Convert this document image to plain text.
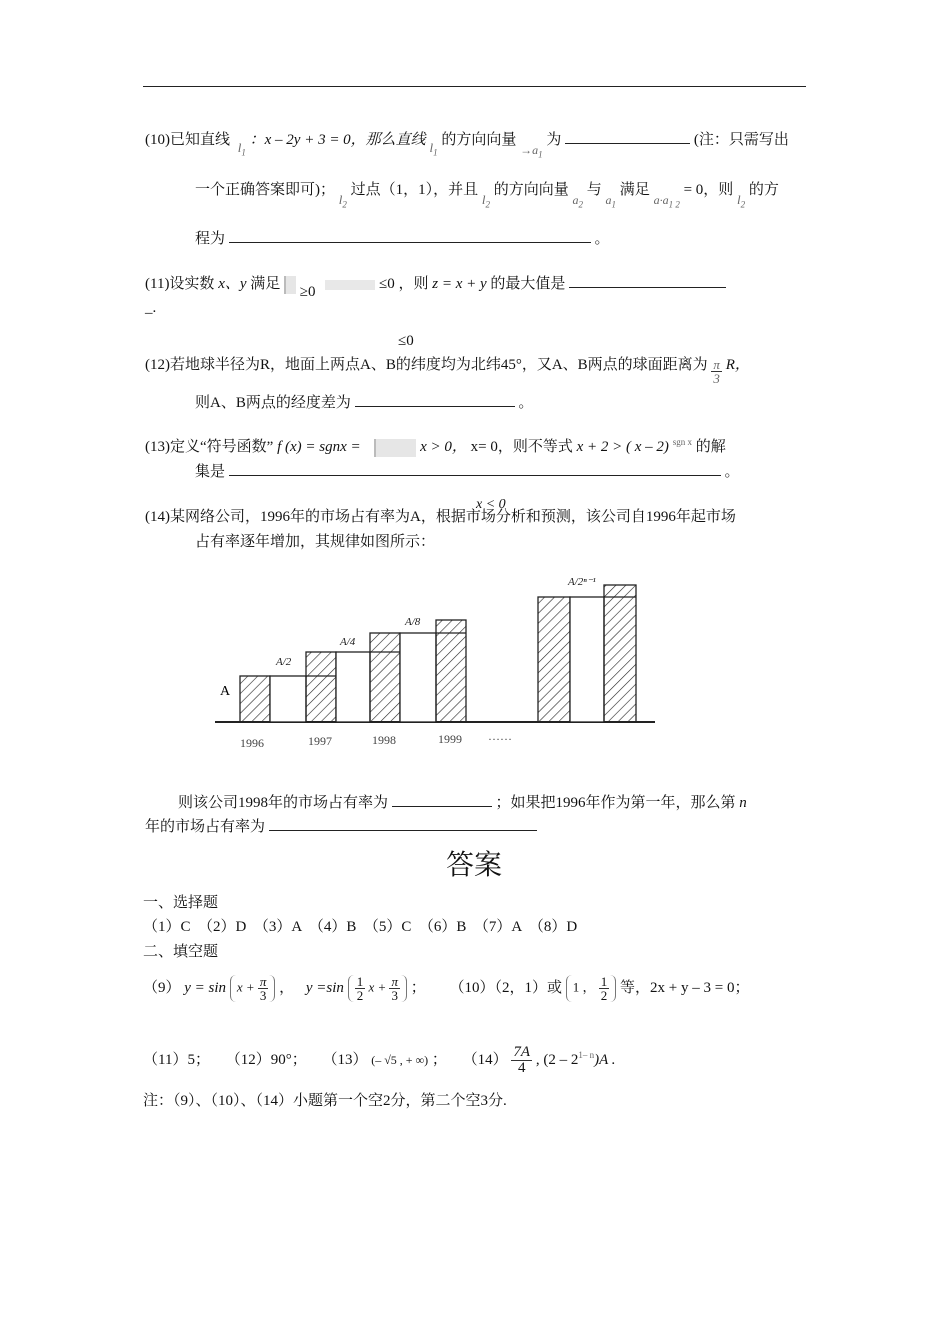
(10)已知直线 $l_1$ ：x – 2y + 3 = 0，那么直线 $l_1$ 的方向向量 $_{\to a_1}$ 为	(注：只需写出
一个正确答案即可)； $l_2$ 过点（1，1），并且 $l_2$ 的方向向量 $_{a_2}$ 与 $_{a_1}$ 满足 $_{a\cdot a_{1 2}}$ = 0，则 $l_2$ 的方
程为	。
(11)设实数 x、y 满足 ≥0	≤0 ，则 z = x + y 的最大值是
_.
≤0
(12)若地球半径为R，地面上两点A、B的纬度均为北纬45°，又A、B两点的球面距离为 $\frac{\pi}{3}$ R，
则A、B两点的经度差为	。
(13)定义“符号函数” f (x) = sgnx =	x > 0， x= 0，则不等式 x + 2 > ( x – 2) $^{sgn x}$ 的解
集是	。
x < 0
(14)某网络公司，1996年的市场占有率为A，根据市场分析和预测，该公司自1996年起市场
占有率逐年增加，其规律如图所示：
A
A/2
A/4
A/8
A/2ⁿ⁻¹
1996	1997	1998	1999 ……
则该公司1998年的市场占有率为	；如果把1996年作为第一年，那么第 n
年的市场占有率为
答案
一、选择题
（1）C  （2）D  （3）A  （4）B  （5）C  （6）B  （7）A  （8）D
二、填空题
（9） $y = \sin x + \frac{\pi}{3}$ ， $y =\sin \frac{1}{2}$ $x + \frac{\pi}{3}$ ； （10）（2，1）或 1 ， $\frac{1}{2}$ 等，2x + y – 3 = 0；
（11）5； （12）90°； （13） (– √5 , + ∞) ； $(14) \frac{7A}{4}$ , (2 – 2$^{1- n}$)A .
注：（9）、（10）、（14）小题第一个空2分，第二个空3分.
